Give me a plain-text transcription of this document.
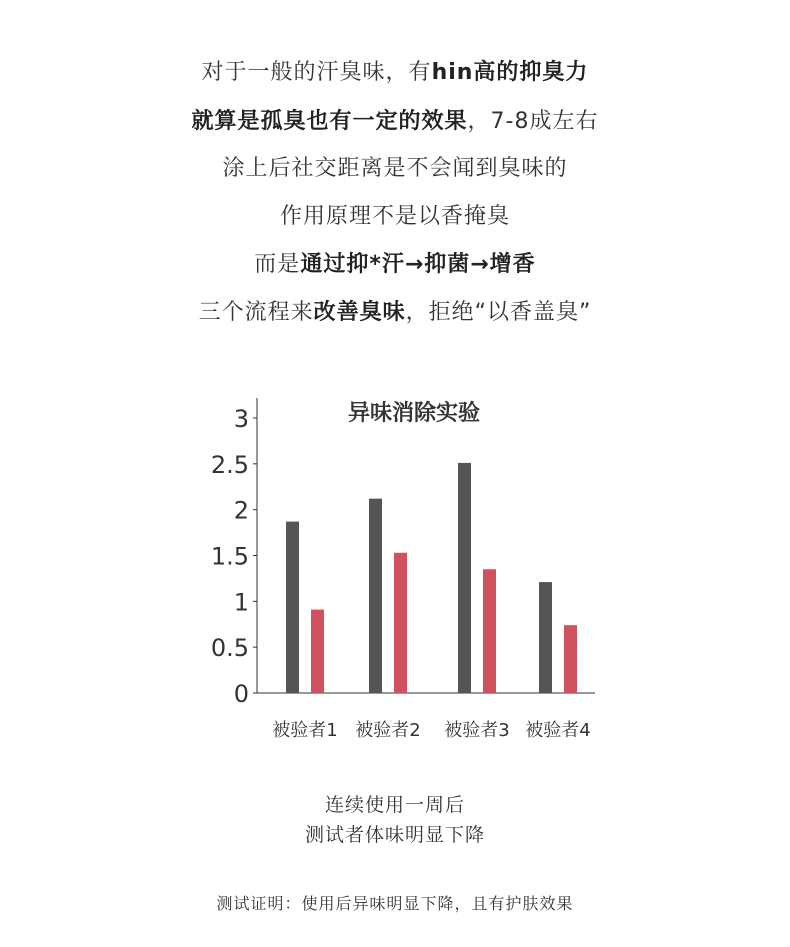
对于一般的汗臭味，有hin高的抑臭力
就算是孤臭也有一定的效果，7-8成左右
涂上后社交距离是不会闻到臭味的
作用原理不是以香掩臭
而是通过抑*汗→抑菌→增香
三个流程来改善臭味，拒绝“以香盖臭”
异味消除实验
0
0.5
1
1.5
2
2.5
3
被验者1 被验者2 被验者3 被验者4
连续使用一周后
测试者体味明显下降
测试证明：使用后异味明显下降，且有护肤效果
